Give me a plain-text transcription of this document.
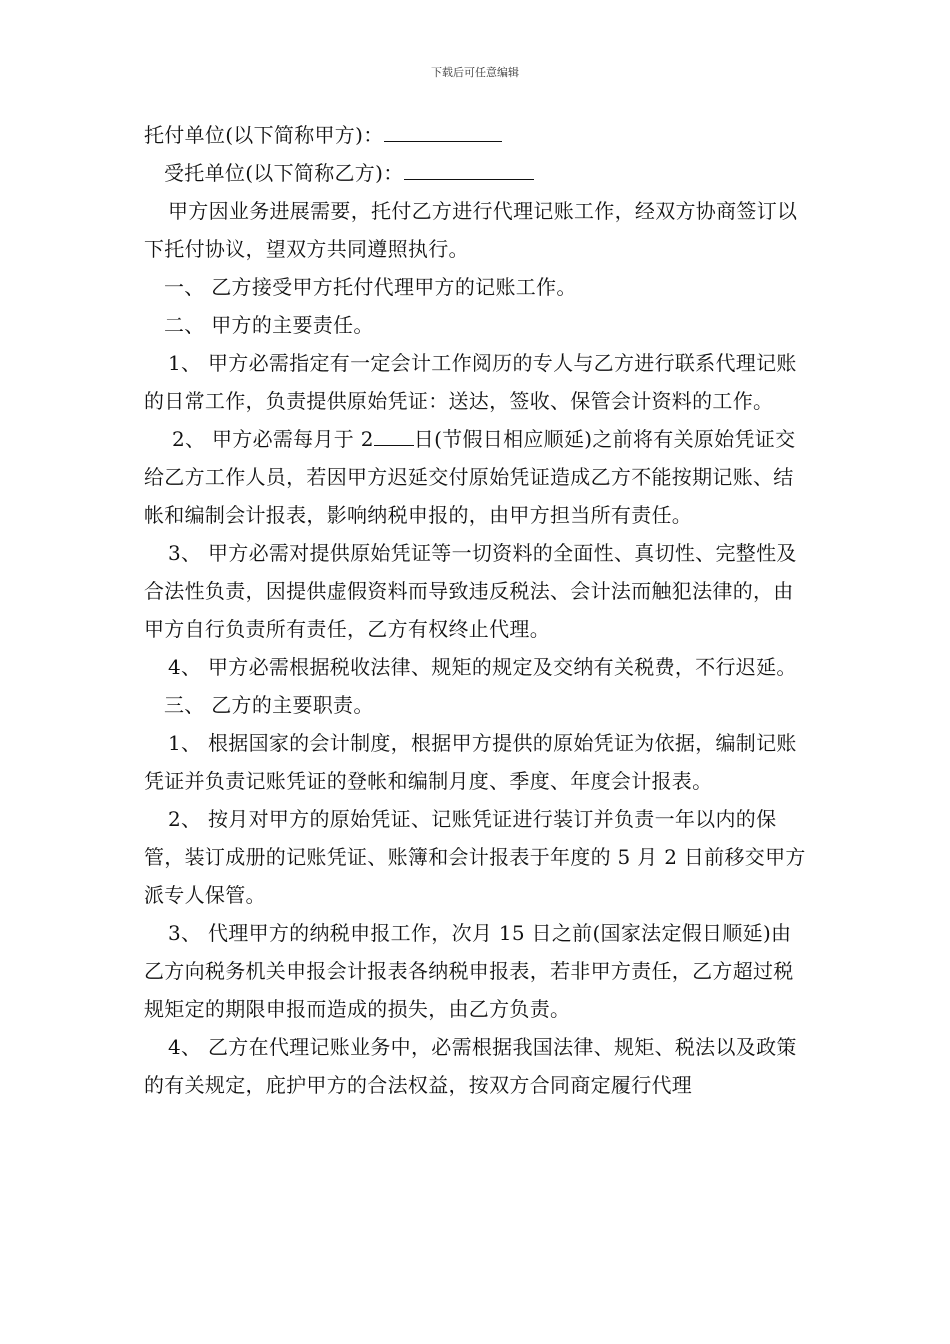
下载后可任意编辑

托付单位(以下简称甲方)：

受托单位(以下简称乙方)：

甲方因业务进展需要，托付乙方进行代理记账工作，经双方协商签订以下托付协议，望双方共同遵照执行。

一、 乙方接受甲方托付代理甲方的记账工作。

二、 甲方的主要责任。

1、 甲方必需指定有一定会计工作阅历的专人与乙方进行联系代理记账的日常工作，负责提供原始凭证：送达，签收、保管会计资料的工作。

2、 甲方必需每月于 2 日(节假日相应顺延)之前将有关原始凭证交给乙方工作人员，若因甲方迟延交付原始凭证造成乙方不能按期记账、结帐和编制会计报表，影响纳税申报的，由甲方担当所有责任。

3、 甲方必需对提供原始凭证等一切资料的全面性、真切性、完整性及合法性负责，因提供虚假资料而导致违反税法、会计法而触犯法律的，由甲方自行负责所有责任，乙方有权终止代理。

4、 甲方必需根据税收法律、规矩的规定及交纳有关税费，不行迟延。

三、 乙方的主要职责。

1、 根据国家的会计制度，根据甲方提供的原始凭证为依据，编制记账凭证并负责记账凭证的登帐和编制月度、季度、年度会计报表。

2、 按月对甲方的原始凭证、记账凭证进行装订并负责一年以内的保管，装订成册的记账凭证、账簿和会计报表于年度的 5 月 2 日前移交甲方派专人保管。

3、 代理甲方的纳税申报工作，次月 15 日之前(国家法定假日顺延)由乙方向税务机关申报会计报表各纳税申报表，若非甲方责任，乙方超过税规矩定的期限申报而造成的损失，由乙方负责。

4、 乙方在代理记账业务中，必需根据我国法律、规矩、税法以及政策的有关规定，庇护甲方的合法权益，按双方合同商定履行代理
